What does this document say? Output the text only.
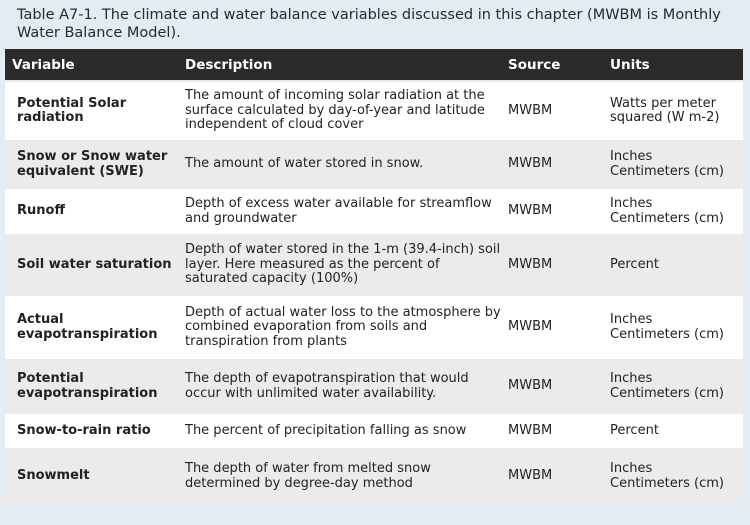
Table A7-1. The climate and water balance variables discussed in this chapter (MWBM is Monthly Water Balance Model).
Variable	Description	Source	Units
Potential Solar radiation	The amount of incoming solar radiation at the surface calculated by day-of-year and latitude independent of cloud cover	MWBM	Watts per meter squared (W m-2)

Snow or Snow water equivalent (SWE)	The amount of water stored in snow.	MWBM	Inches
Centimeters (cm)

Runoff	Depth of excess water available for streamflow and groundwater	MWBM	Inches
Centimeters (cm)

Soil water saturation	Depth of water stored in the 1-m (39.4-inch) soil layer. Here measured as the percent of saturated capacity (100%)	MWBM	Percent

Actual evapotranspiration	Depth of actual water loss to the atmosphere by combined evaporation from soils and transpiration from plants	MWBM	Inches
Centimeters (cm)

Potential evapotranspiration	The depth of evapotranspiration that would occur with unlimited water availability.	MWBM	Inches
Centimeters (cm)

Snow-to-rain ratio	The percent of precipitation falling as snow	MWBM	Percent

Snowmelt	The depth of water from melted snow determined by degree-day method	MWBM	Inches
Centimeters (cm)
